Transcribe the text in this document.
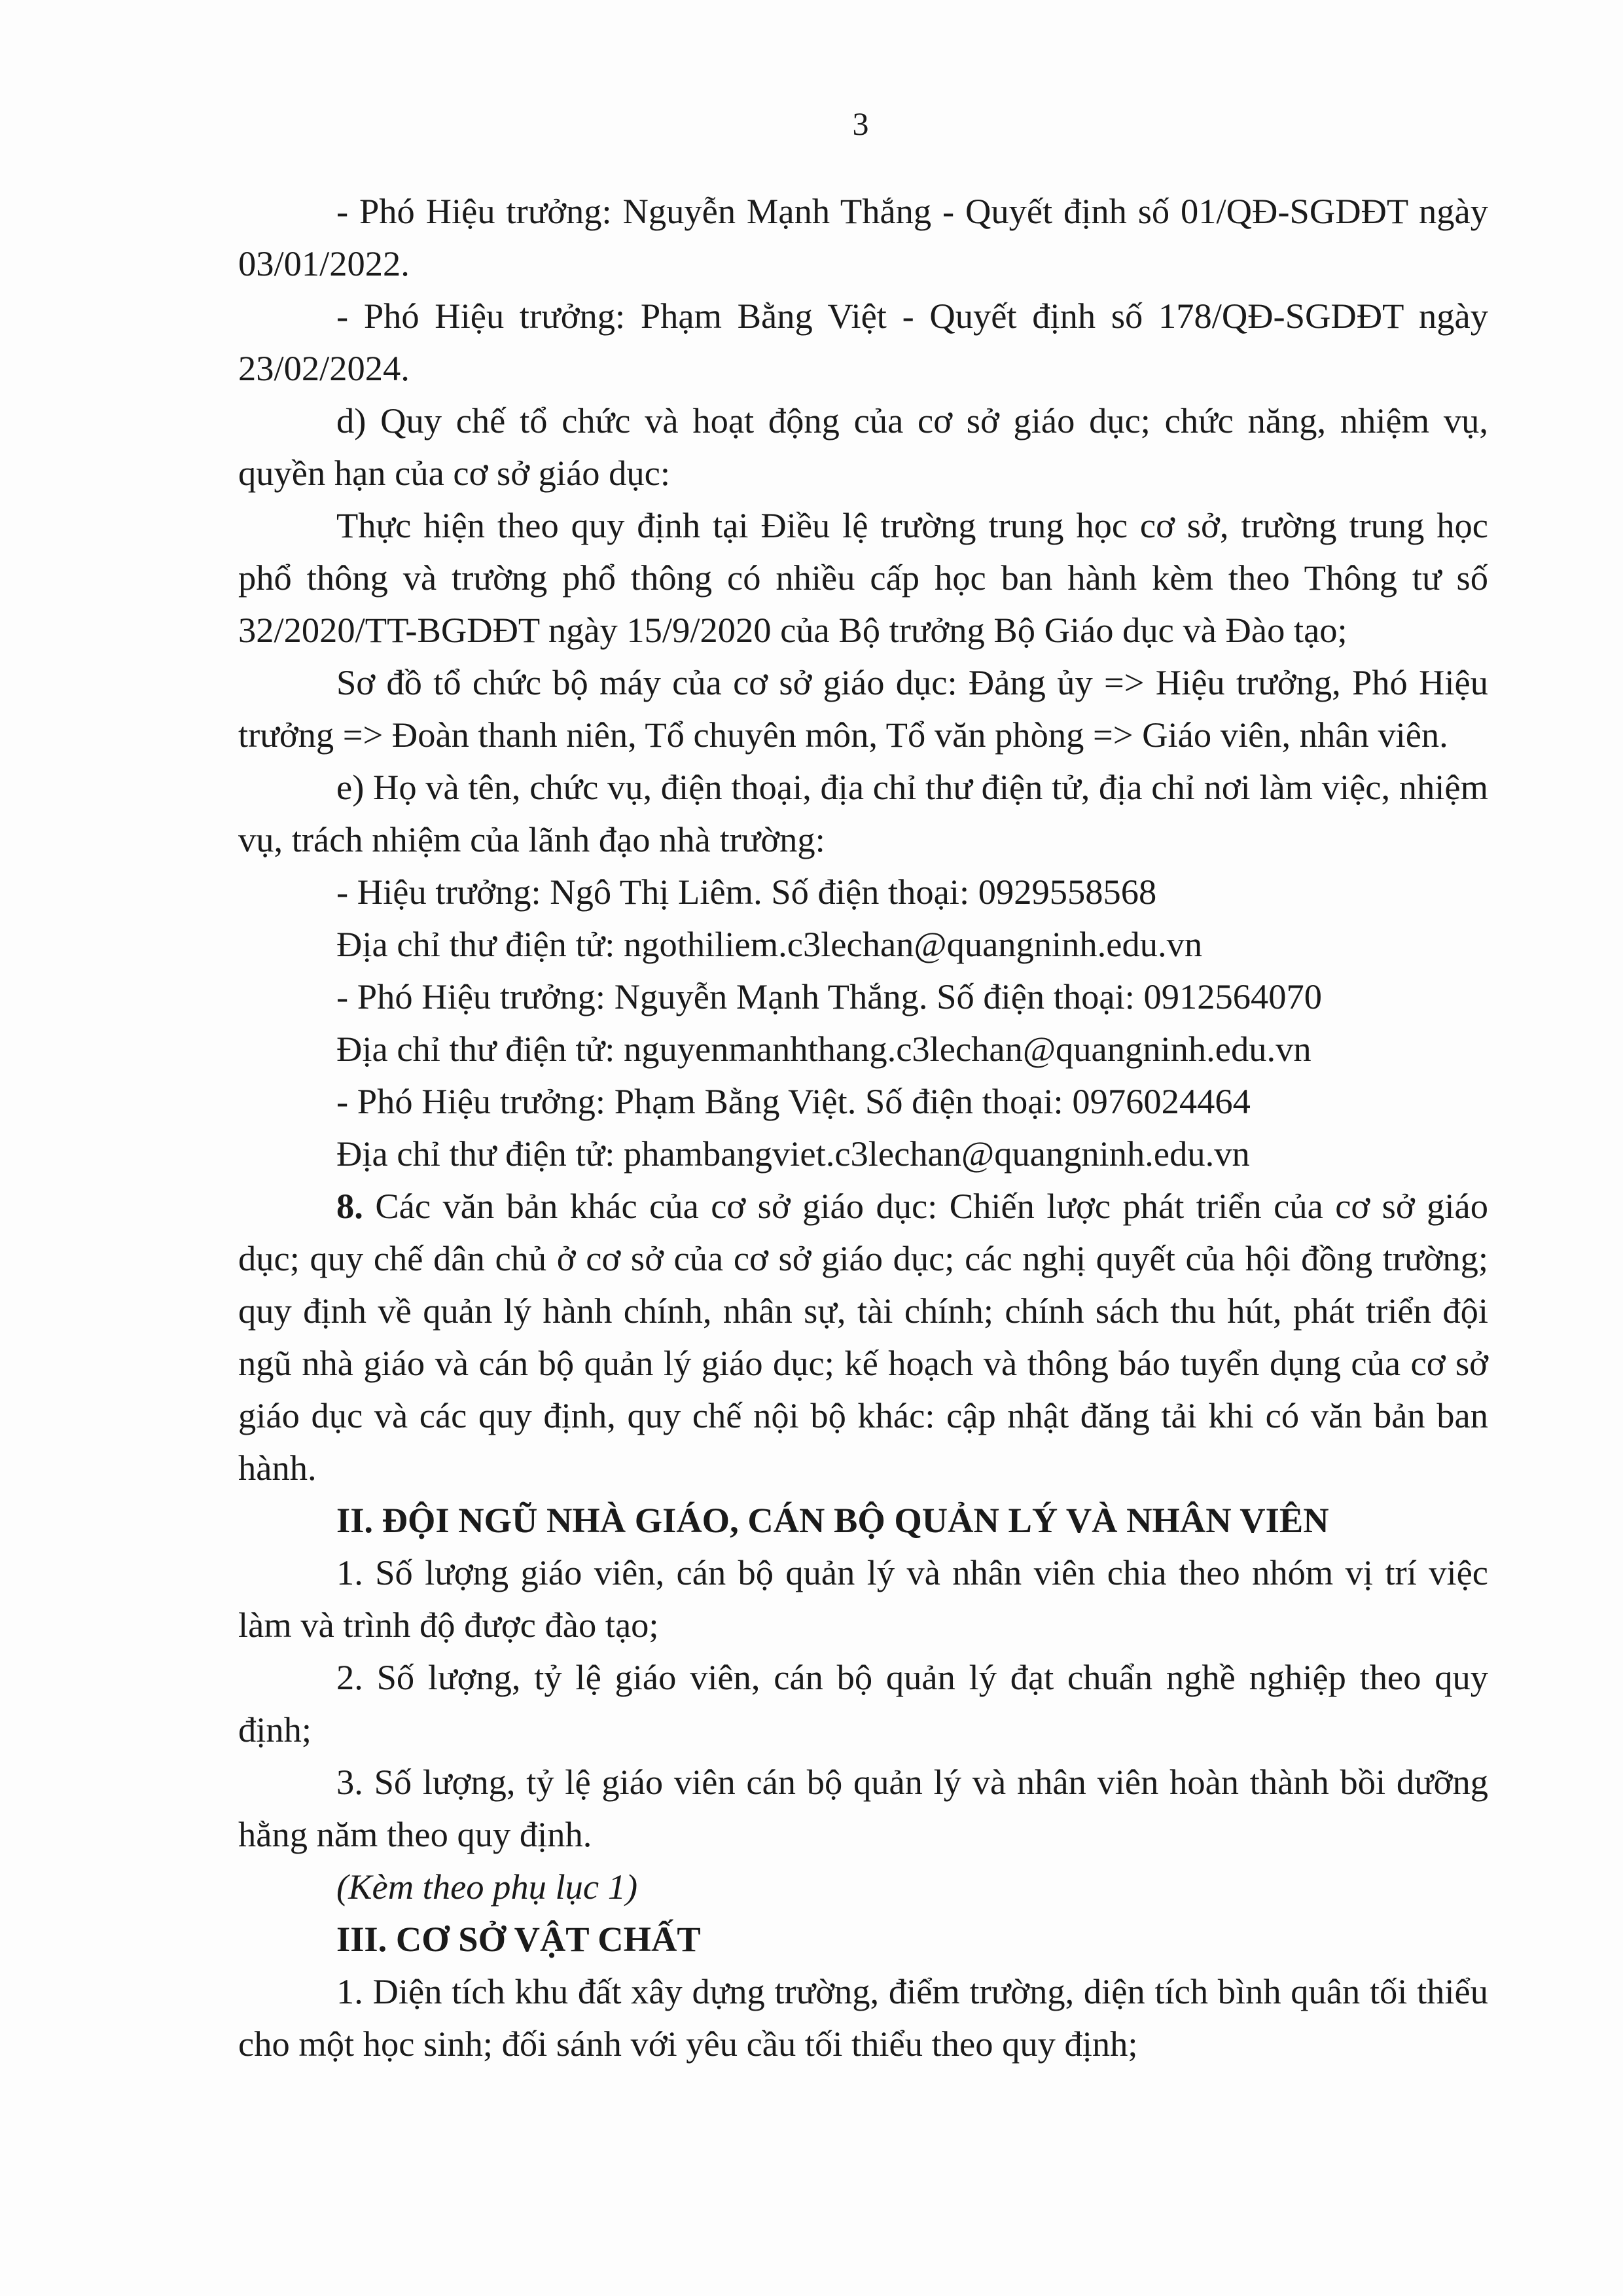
3

- Phó Hiệu trưởng: Nguyễn Mạnh Thắng - Quyết định số 01/QĐ-SGDĐT ngày 03/01/2022.

- Phó Hiệu trưởng: Phạm Bằng Việt - Quyết định số 178/QĐ-SGDĐT ngày 23/02/2024.

d) Quy chế tổ chức và hoạt động của cơ sở giáo dục; chức năng, nhiệm vụ, quyền hạn của cơ sở giáo dục:

Thực hiện theo quy định tại Điều lệ trường trung học cơ sở, trường trung học phổ thông và trường phổ thông có nhiều cấp học ban hành kèm theo Thông tư số 32/2020/TT-BGDĐT ngày 15/9/2020 của Bộ trưởng Bộ Giáo dục và Đào tạo;

Sơ đồ tổ chức bộ máy của cơ sở giáo dục: Đảng ủy => Hiệu trưởng, Phó Hiệu trưởng => Đoàn thanh niên, Tổ chuyên môn, Tổ văn phòng => Giáo viên, nhân viên.

e) Họ và tên, chức vụ, điện thoại, địa chỉ thư điện tử, địa chỉ nơi làm việc, nhiệm vụ, trách nhiệm của lãnh đạo nhà trường:

- Hiệu trưởng: Ngô Thị Liêm. Số điện thoại: 0929558568

Địa chỉ thư điện tử: ngothiliem.c3lechan@quangninh.edu.vn

- Phó Hiệu trưởng: Nguyễn Mạnh Thắng. Số điện thoại: 0912564070

Địa chỉ thư điện tử: nguyenmanhthang.c3lechan@quangninh.edu.vn

- Phó Hiệu trưởng: Phạm Bằng Việt. Số điện thoại: 0976024464

Địa chỉ thư điện tử: phambangviet.c3lechan@quangninh.edu.vn

8. Các văn bản khác của cơ sở giáo dục: Chiến lược phát triển của cơ sở giáo dục; quy chế dân chủ ở cơ sở của cơ sở giáo dục; các nghị quyết của hội đồng trường; quy định về quản lý hành chính, nhân sự, tài chính; chính sách thu hút, phát triển đội ngũ nhà giáo và cán bộ quản lý giáo dục; kế hoạch và thông báo tuyển dụng của cơ sở giáo dục và các quy định, quy chế nội bộ khác: cập nhật đăng tải khi có văn bản ban hành.

II. ĐỘI NGŨ NHÀ GIÁO, CÁN BỘ QUẢN LÝ VÀ NHÂN VIÊN

1. Số lượng giáo viên, cán bộ quản lý và nhân viên chia theo nhóm vị trí việc làm và trình độ được đào tạo;

2. Số lượng, tỷ lệ giáo viên, cán bộ quản lý đạt chuẩn nghề nghiệp theo quy định;

3. Số lượng, tỷ lệ giáo viên cán bộ quản lý và nhân viên hoàn thành bồi dưỡng hằng năm theo quy định.

(Kèm theo phụ lục 1)

III. CƠ SỞ VẬT CHẤT

1. Diện tích khu đất xây dựng trường, điểm trường, diện tích bình quân tối thiểu cho một học sinh; đối sánh với yêu cầu tối thiểu theo quy định;
